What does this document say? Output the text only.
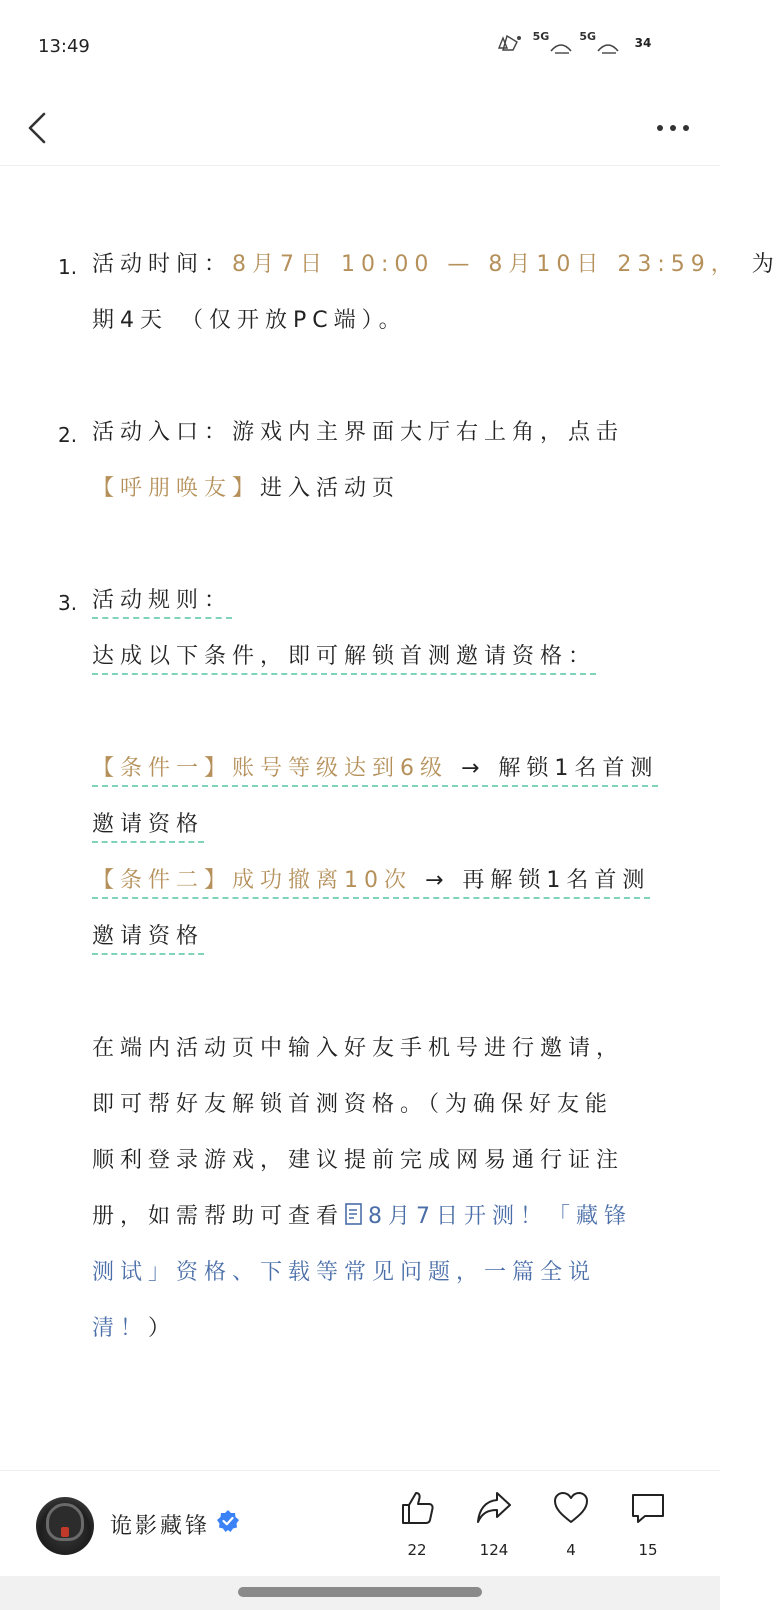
13:49	5G	5G	34
1. 活动时间：8月7日 10:00 — 8月10日 23:59， 为
期4天 （仅开放PC端）。
2. 活动入口：游戏内主界面大厅右上角，点击
【呼朋唤友】进入活动页
3. 活动规则：
达成以下条件，即可解锁首测邀请资格：
【条件一】账号等级达到6级 → 解锁1名首测
邀请资格
【条件二】成功撤离10次 → 再解锁1名首测
邀请资格
在端内活动页中输入好友手机号进行邀请，
即可帮好友解锁首测资格。（为确保好友能
顺利登录游戏，建议提前完成网易通行证注
册，如需帮助可查看 8月7日开测！「藏锋
测试」资格、下载等常见问题，一篇全说
清！）
诡影藏锋
22	124	4	15
